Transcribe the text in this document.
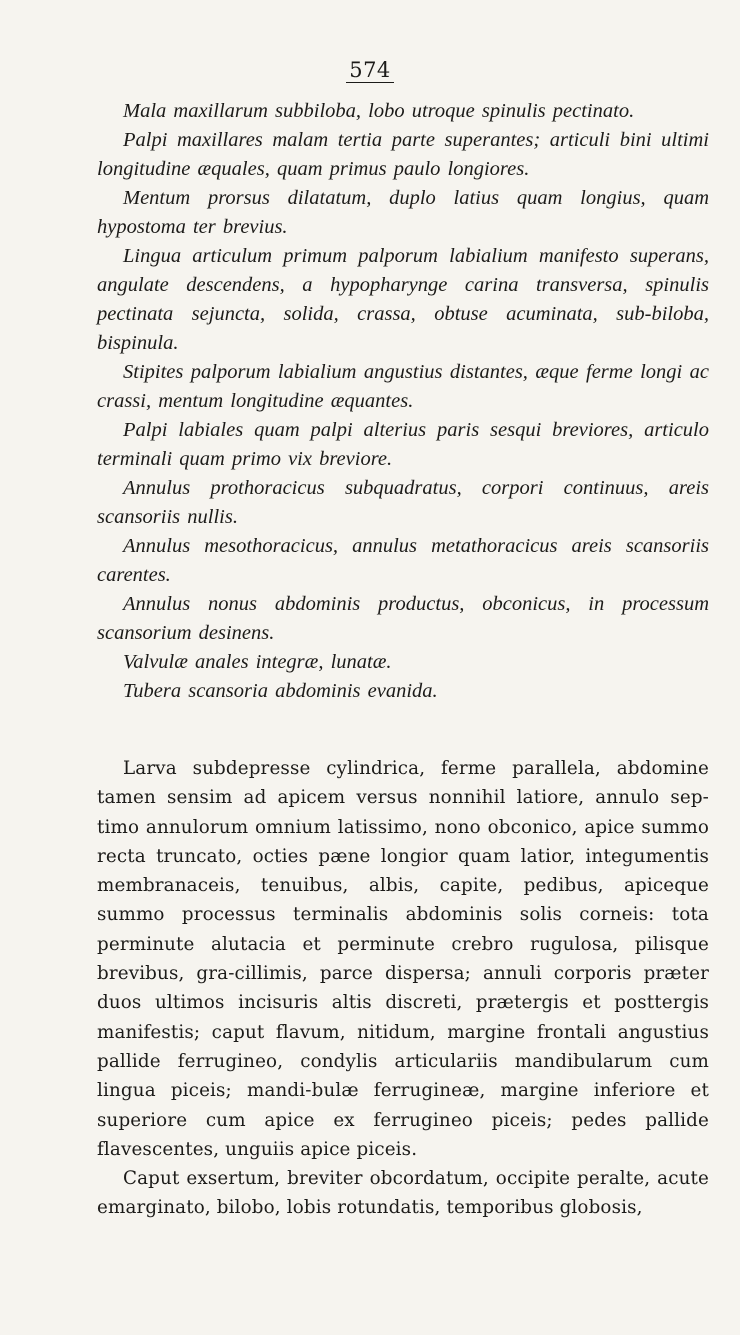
574

Mala maxillarum subbiloba, lobo utroque spinulis pectinato.

Palpi maxillares malam tertia parte superantes; articuli bini ultimi longitudine æquales, quam primus paulo longiores.

Mentum prorsus dilatatum, duplo latius quam longius, quam hypostoma ter brevius.

Lingua articulum primum palporum labialium manifesto superans, angulate descendens, a hypopharynge carina transversa, spinulis pectinata sejuncta, solida, crassa, obtuse acuminata, sub-biloba, bispinula.

Stipites palporum labialium angustius distantes, æque ferme longi ac crassi, mentum longitudine æquantes.

Palpi labiales quam palpi alterius paris sesqui breviores, articulo terminali quam primo vix breviore.

Annulus prothoracicus subquadratus, corpori continuus, areis scansoriis nullis.

Annulus mesothoracicus, annulus metathoracicus areis scansoriis carentes.

Annulus nonus abdominis productus, obconicus, in processum scansorium desinens.

Valvulæ anales integræ, lunatæ.

Tubera scansoria abdominis evanida.

Larva subdepresse cylindrica, ferme parallela, abdomine tamen sensim ad apicem versus nonnihil latiore, annulo sep-timo annulorum omnium latissimo, nono obconico, apice summo recta truncato, octies pæne longior quam latior, integumentis membranaceis, tenuibus, albis, capite, pedibus, apiceque summo processus terminalis abdominis solis corneis: tota perminute alutacia et perminute crebro rugulosa, pilisque brevibus, gra-cillimis, parce dispersa; annuli corporis præter duos ultimos incisuris altis discreti, prætergis et posttergis manifestis; caput flavum, nitidum, margine frontali angustius pallide ferrugineo, condylis articulariis mandibularum cum lingua piceis; mandi-bulæ ferrugineæ, margine inferiore et superiore cum apice ex ferrugineo piceis; pedes pallide flavescentes, unguiis apice piceis.

Caput exsertum, breviter obcordatum, occipite peralte, acute emarginato, bilobo, lobis rotundatis, temporibus globosis,
